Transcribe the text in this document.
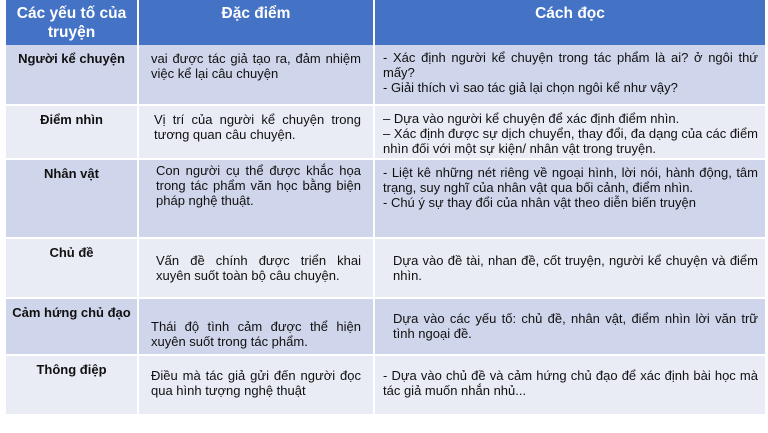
Các yếu tố của truyện	Đặc điểm	Cách đọc
Người kể chuyện	vai được tác giả tạo ra, đảm nhiệm việc kể lại câu chuyện	- Xác định người kể chuyện trong tác phẩm là ai? ở ngôi thứ mấy?
- Giải thích vì sao tác giả lại chọn ngôi kể như vậy?

Điểm nhìn	Vị trí của người kể chuyện trong tương quan câu chuyện.	– Dựa vào người kể chuyện để xác định điểm nhìn.
– Xác định được sự dịch chuyển, thay đổi, đa dạng của các điểm nhìn đối với một sự kiện/ nhân vật trong truyện.

Nhân vật	Con người cụ thể được khắc họa trong tác phẩm văn học bằng biện pháp nghệ thuật.	- Liệt kê những nét riêng về ngoại hình, lời nói, hành động, tâm trạng, suy nghĩ của nhân vật qua bối cảnh, điểm nhìn.
- Chú ý sự thay đổi của nhân vật theo diễn biến truyện

Chủ đề	Vấn đề chính được triển khai xuyên suốt toàn bộ câu chuyện.	Dựa vào đề tài, nhan đề, cốt truyện, người kể chuyện và điểm nhìn.

Cảm hứng chủ đạo	Thái độ tình cảm được thể hiện xuyên suốt trong tác phẩm.	Dựa vào các yếu tố: chủ đề, nhân vật, điểm nhìn lời văn trữ tình ngoại đề.

Thông điệp	Điều mà tác giả gửi đến người đọc qua hình tượng nghệ thuật	- Dựa vào chủ đề và cảm hứng chủ đạo để xác định bài học mà tác giả muốn nhắn nhủ...
